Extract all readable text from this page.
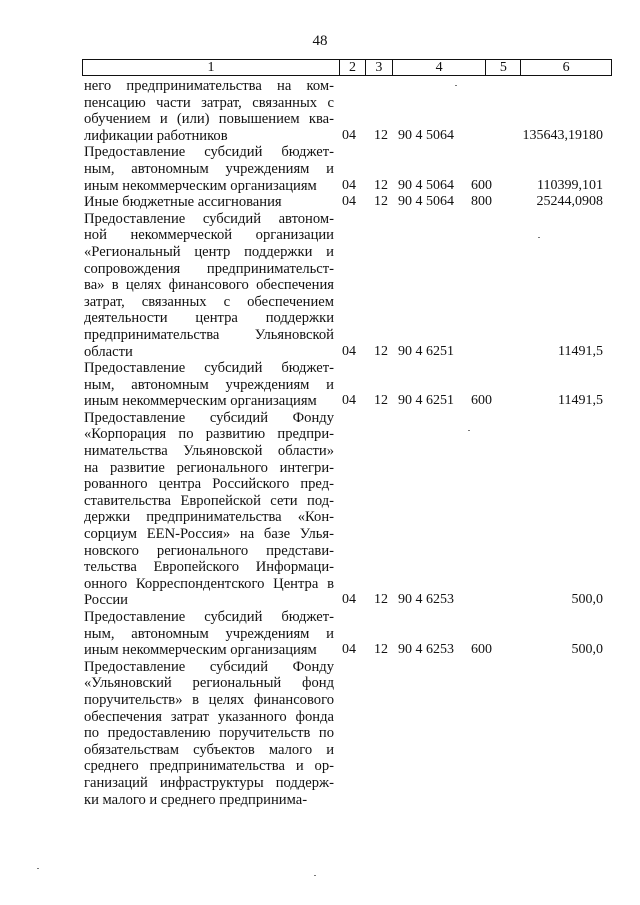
48
1	2	3	4	5	6
него предпринимательства на ком-
пенсацию части затрат, связанных с
обучением и (или) повышением ква-
лификации работников	04 12 90 4 5064	135643,19180
Предоставление субсидий бюджет-
ным, автономным учреждениям и
иным некоммерческим организациям	04 12 90 4 5064 600	110399,101
Иные бюджетные ассигнования	04 12 90 4 5064 800	25244,0908
Предоставление субсидий автоном-
ной некоммерческой организации
«Региональный центр поддержки и
сопровождения предпринимательст-
ва» в целях финансового обеспечения
затрат, связанных с обеспечением
деятельности центра поддержки
предпринимательства Ульяновской
области	04 12 90 4 6251	11491,5
Предоставление субсидий бюджет-
ным, автономным учреждениям и
иным некоммерческим организациям	04 12 90 4 6251 600	11491,5
Предоставление субсидий Фонду
«Корпорация по развитию предпри-
нимательства Ульяновской области»
на развитие регионального интегри-
рованного центра Российского пред-
ставительства Европейской сети под-
держки предпринимательства «Кон-
сорциум EEN-Россия» на базе Улья-
новского регионального представи-
тельства Европейского Информаци-
онного Корреспондентского Центра в
России	04 12 90 4 6253	500,0
Предоставление субсидий бюджет-
ным, автономным учреждениям и
иным некоммерческим организациям	04 12 90 4 6253 600	500,0
Предоставление субсидий Фонду
«Ульяновский региональный фонд
поручительств» в целях финансового
обеспечения затрат указанного фонда
по предоставлению поручительств по
обязательствам субъектов малого и
среднего предпринимательства и ор-
ганизаций инфраструктуры поддерж-
ки малого и среднего предпринима-
